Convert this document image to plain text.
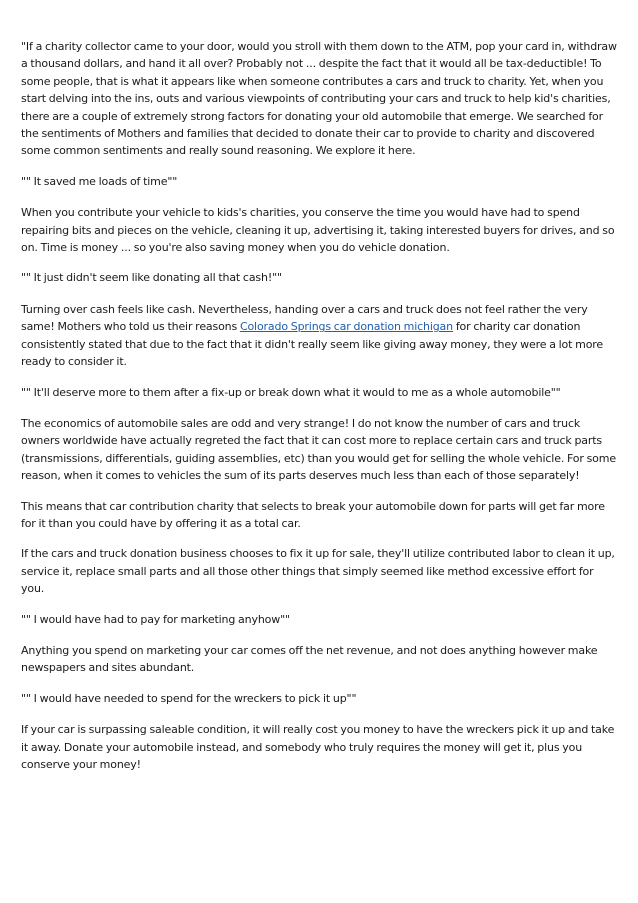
"If a charity collector came to your door, would you stroll with them down to the ATM, pop your card in, withdraw a thousand dollars, and hand it all over? Probably not ... despite the fact that it would all be tax-deductible! To some people, that is what it appears like when someone contributes a cars and truck to charity. Yet, when you start delving into the ins, outs and various viewpoints of contributing your cars and truck to help kid's charities, there are a couple of extremely strong factors for donating your old automobile that emerge. We searched for the sentiments of Mothers and families that decided to donate their car to provide to charity and discovered some common sentiments and really sound reasoning. We explore it here.

"" It saved me loads of time""

When you contribute your vehicle to kids's charities, you conserve the time you would have had to spend repairing bits and pieces on the vehicle, cleaning it up, advertising it, taking interested buyers for drives, and so on. Time is money ... so you're also saving money when you do vehicle donation.

"" It just didn't seem like donating all that cash!""

Turning over cash feels like cash. Nevertheless, handing over a cars and truck does not feel rather the very same! Mothers who told us their reasons Colorado Springs car donation michigan for charity car donation consistently stated that due to the fact that it didn't really seem like giving away money, they were a lot more ready to consider it.

"" It'll deserve more to them after a fix-up or break down what it would to me as a whole automobile""

The economics of automobile sales are odd and very strange! I do not know the number of cars and truck owners worldwide have actually regreted the fact that it can cost more to replace certain cars and truck parts (transmissions, differentials, guiding assemblies, etc) than you would get for selling the whole vehicle. For some reason, when it comes to vehicles the sum of its parts deserves much less than each of those separately!

This means that car contribution charity that selects to break your automobile down for parts will get far more for it than you could have by offering it as a total car.

If the cars and truck donation business chooses to fix it up for sale, they'll utilize contributed labor to clean it up, service it, replace small parts and all those other things that simply seemed like method excessive effort for you.

"" I would have had to pay for marketing anyhow""

Anything you spend on marketing your car comes off the net revenue, and not does anything however make newspapers and sites abundant.

"" I would have needed to spend for the wreckers to pick it up""

If your car is surpassing saleable condition, it will really cost you money to have the wreckers pick it up and take it away. Donate your automobile instead, and somebody who truly requires the money will get it, plus you conserve your money!
